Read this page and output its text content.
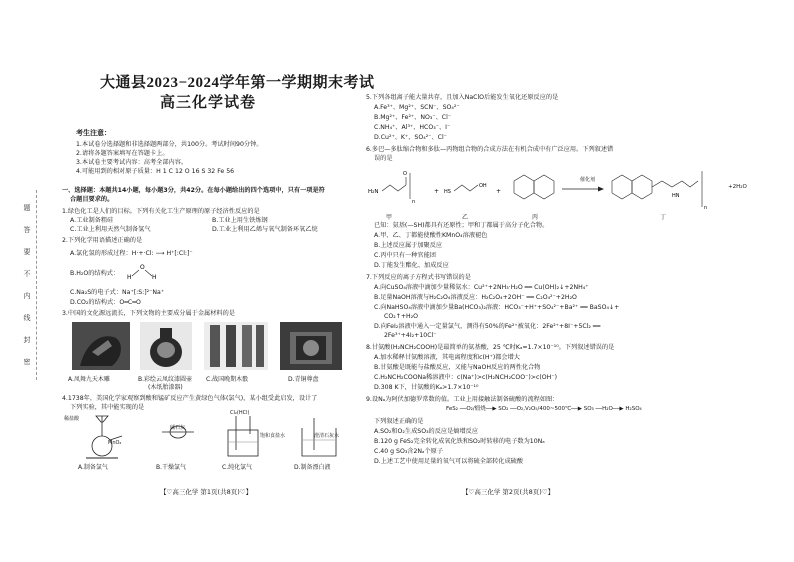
题
答
要
不
内
线
封
密
大通县2023−2024学年第一学期期末考试
高三化学试卷
考生注意：
1.本试卷分选择题和非选择题两部分，共100分。考试时间90分钟。
2.请将各题答案填写在答题卡上。
3.本试卷主要考试内容：高考全部内容。
4.可能用到的相对原子质量：H 1 C 12 O 16 S 32 Fe 56
一、选择题：本题共14小题，每小题3分，共42分。在每小题给出的四个选项中，只有一项是符
合题目要求的。
1.绿色化工是人们的目标。下列有关化工生产原理的原子经济性反应的是
A.工业制备粗硅	B.工业上用生铁炼钢
C.工业上利用天然气制备氢气	D.工业上利用乙烯与氧气制备环氧乙烷
2.下列化学用语描述正确的是
A.氯化氢的形成过程：H·+·Cl: ⟶ H⁺[:Cl:]⁻
B.H₂O的结构式：
O
H	H
C.Na₂S的电子式：Na⁺[:S:]²⁻Na⁺
D.CO₂的结构式：O═C═O
3.中国的文化源远流长，下列文物的主要成分属于金属材料的是
A.凤舞九天木雕	B.彩绘云凤纹漆圆壶
(木纸胎漆器)
C.战国晚期木骰	D.青铜尊盘
4.1738年，美国化学家观察到酸和锰矿反应产生黄绿色气体(氯气)，某小组受此启发，设计了
下列实验，其中能实现的是
稀盐酸
MnO₂
碱石灰
Cl₂(HCl)
饱和食盐水	澄清石灰水
A.制备氯气	B.干燥氯气	C.纯化氯气	D.制备漂白液
【♡高三化学 第1页(共8页)♡】
5.下列各组离子能大量共存，且加入NaClO后能发生氧化还原反应的是
A.Fe³⁺、Mg²⁺、SCN⁻、SO₄²⁻
B.Mg²⁺、Fe²⁺、NO₃⁻、Cl⁻
C.NH₄⁺、Al³⁺、HCO₃⁻、I⁻
D.Cu²⁺、K⁺、SO₄²⁻、Cl⁻
6.多巴—多肽缩合物和多肽—丙物组合物的合成方法在有机合成中有广泛应用。下列叙述错
误的是
H₂N
O
n
+ HS
OH
+
HN
n
催化剂
+2H₂O
甲	乙	丙	丁
已知：氨基(—SH)都具有还原性；甲和丁都属于高分子化合物。
A.甲、乙、丁都能使酸性KMnO₄溶液褪色
B.上述反应属于加聚反应
C.丙中只有一种官能团
D.丁能发生酯化、加成反应
7.下列反应的离子方程式书写错误的是
A.向CuSO₄溶液中滴加少量稀氨水：Cu²⁺+2NH₃·H₂O ══ Cu(OH)₂↓+2NH₄⁺
B.足量NaOH溶液与H₂C₂O₄溶液反应：H₂C₂O₄+2OH⁻ ══ C₂O₄²⁻+2H₂O
C.向NaHSO₄溶液中滴加少量Ba(HCO₃)₂溶液：HCO₃⁻+H⁺+SO₄²⁻+Ba²⁺ ══ BaSO₄↓+
CO₂↑+H₂O
D.向FeI₂溶液中通入一定量氯气，测得有50%的Fe²⁺被氧化：2Fe²⁺+8I⁻+5Cl₂ ══
2Fe³⁺+4I₂+10Cl⁻
8.甘氨酸(H₂NCH₂COOH)是最简单的氨基酸，25 ℃时Kₐ=1.7×10⁻¹⁰。下列叙述错误的是
A.加水稀释甘氨酸溶液，其电离程度和c(H⁺)都会增大
B.甘氨酸是既能与盐酸反应，又能与NaOH反应的两性化合物
C.H₂NCH₂COONa稀溶液中：c(Na⁺)>c(H₂NCH₂COO⁻)>c(OH⁻)
D.308 K下，甘氨酸的Kₐ>1.7×10⁻¹⁰
9.设Nₐ为阿伏加德罗常数的值。工业上用接触法制备硫酸的流程如图：
FeS₂ ──O₂/煅烧──▶ SO₂ ──O₂,V₂O₅/400~500℃──▶ SO₃ ──H₂O──▶ H₂SO₄
下列叙述正确的是
A.SO₂和O₂生成SO₃的反应是熵增反应
B.120 g FeS₂完全转化成氧化铁和SO₂时转移的电子数为10Nₐ
C.40 g SO₃含2Nₐ个原子
D.上述工艺中使用足量的氧气可以将硫全部转化成硫酸
【♡高三化学 第2页(共8页)♡】
